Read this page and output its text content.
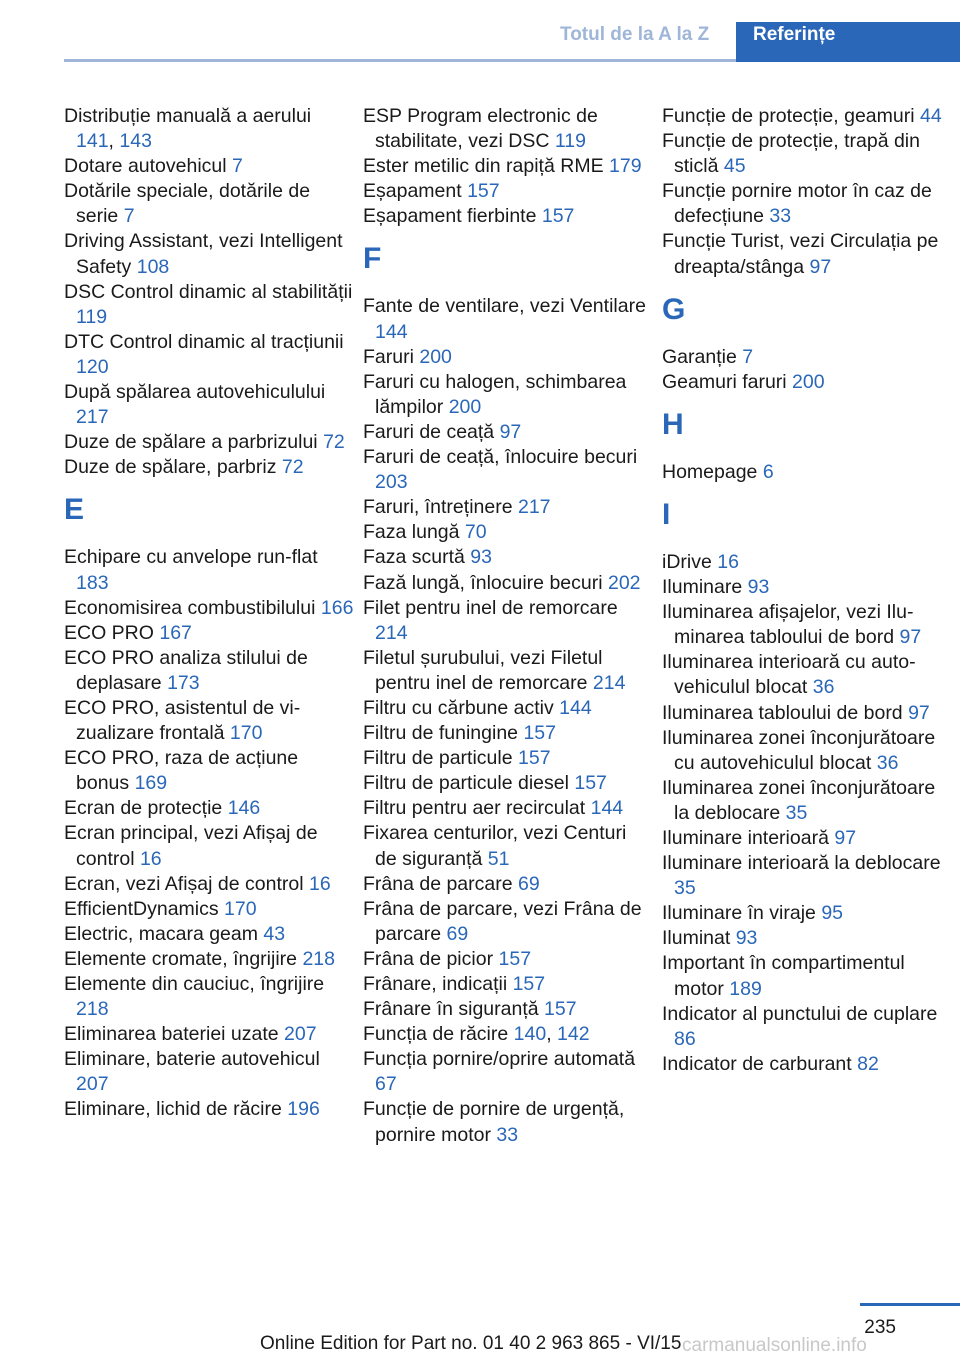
Totul de la A la Z Referințe
Distribuție manuală a aerului 141, 143
Dotare autovehicul 7
Dotările speciale, dotările de serie 7
Driving Assistant, vezi Intelligent Safety 108
DSC Control dinamic al stabilității 119
DTC Control dinamic al tracțiunii 120
După spălarea autovehiculului 217
Duze de spălare a parbrizului 72
Duze de spălare, parbriz 72
E
Echipare cu anvelope run-flat 183
Economisirea combustibilului 166
ECO PRO 167
ECO PRO analiza stilului de deplasare 173
ECO PRO, asistentul de vizualizare frontală 170
ECO PRO, raza de acțiune bonus 169
Ecran de protecție 146
Ecran principal, vezi Afișaj de control 16
Ecran, vezi Afișaj de control 16
EfficientDynamics 170
Electric, macara geam 43
Elemente cromate, îngrijire 218
Elemente din cauciuc, îngrijire 218
Eliminarea bateriei uzate 207
Eliminare, baterie autovehicul 207
Eliminare, lichid de răcire 196
ESP Program electronic de stabilitate, vezi DSC 119
Ester metilic din rapiță RME 179
Eșapament 157
Eșapament fierbinte 157
F
Fante de ventilare, vezi Ventilare 144
Faruri 200
Faruri cu halogen, schimbarea lămpilor 200
Faruri de ceață 97
Faruri de ceață, înlocuire becuri 203
Faruri, întreținere 217
Faza lungă 70
Faza scurtă 93
Fază lungă, înlocuire becuri 202
Filet pentru inel de remorcare 214
Filetul șurubului, vezi Filetul pentru inel de remorcare 214
Filtru cu cărbune activ 144
Filtru de funingine 157
Filtru de particule 157
Filtru de particule diesel 157
Filtru pentru aer recirculat 144
Fixarea centurilor, vezi Centuri de siguranță 51
Frâna de parcare 69
Frâna de parcare, vezi Frâna de parcare 69
Frâna de picior 157
Frânare, indicații 157
Frânare în siguranță 157
Funcția de răcire 140, 142
Funcția pornire/oprire automată 67
Funcție de pornire de urgență, pornire motor 33
Funcție de protecție, geamuri 44
Funcție de protecție, trapă din sticlă 45
Funcție pornire motor în caz de defecțiune 33
Funcție Turist, vezi Circulația pe dreapta/stânga 97
G
Garanție 7
Geamuri faruri 200
H
Homepage 6
I
iDrive 16
Iluminare 93
Iluminarea afișajelor, vezi Iluminarea tabloului de bord 97
Iluminarea interioară cu autovehiculul blocat 36
Iluminarea tabloului de bord 97
Iluminarea zonei înconjurătoare cu autovehiculul blocat 36
Iluminarea zonei înconjurătoare la deblocare 35
Iluminare interioară 97
Iluminare interioară la deblocare 35
Iluminare în viraje 95
Iluminat 93
Important în compartimentul motor 189
Indicator al punctului de cuplare 86
Indicator de carburant 82
235
Online Edition for Part no. 01 40 2 963 865 - VI/15 carmanualsonline.info
